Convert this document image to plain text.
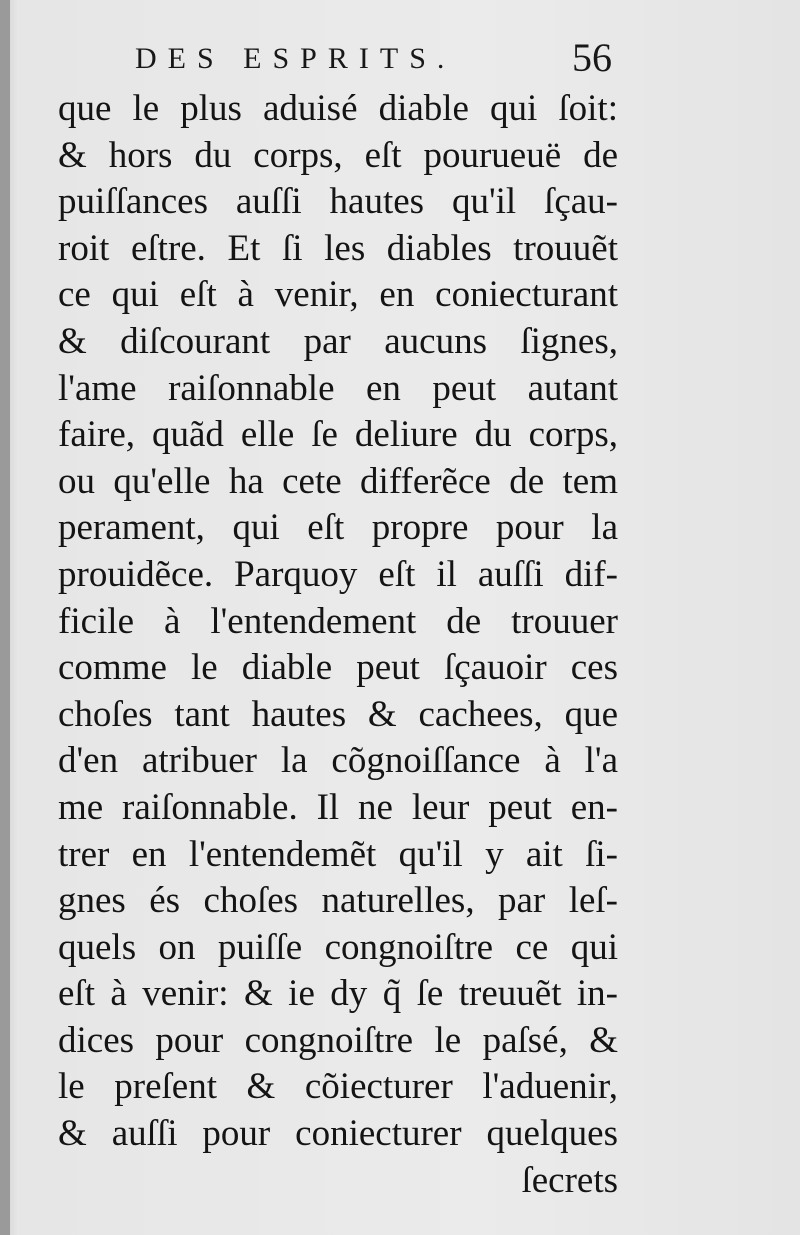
DES ESPRITS.	56
que le plus aduisé diable qui ſoit:
& hors du corps, eſt pourueuë de
puiſſances auſſi hautes qu'il ſçau-
roit eſtre. Et ſi les diables trouuẽt
ce qui eſt à venir, en coniecturant
& diſcourant par aucuns ſignes,
l'ame raiſonnable en peut autant
faire, quãd elle ſe deliure du corps,
ou qu'elle ha cete differẽce de tem
perament, qui eſt propre pour la
prouidẽce. Parquoy eſt il auſſi dif-
ficile à l'entendement de trouuer
comme le diable peut ſçauoir ces
choſes tant hautes & cachees, que
d'en atribuer la cõgnoiſſance à l'a
me raiſonnable. Il ne leur peut en-
trer en l'entendemẽt qu'il y ait ſi-
gnes és choſes naturelles, par leſ-
quels on puiſſe congnoiſtre ce qui
eſt à venir: & ie dy q̃ ſe treuuẽt in-
dices pour congnoiſtre le paſsé, &
le preſent & cõiecturer l'aduenir,
& auſſi pour coniecturer quelques
ſecrets
